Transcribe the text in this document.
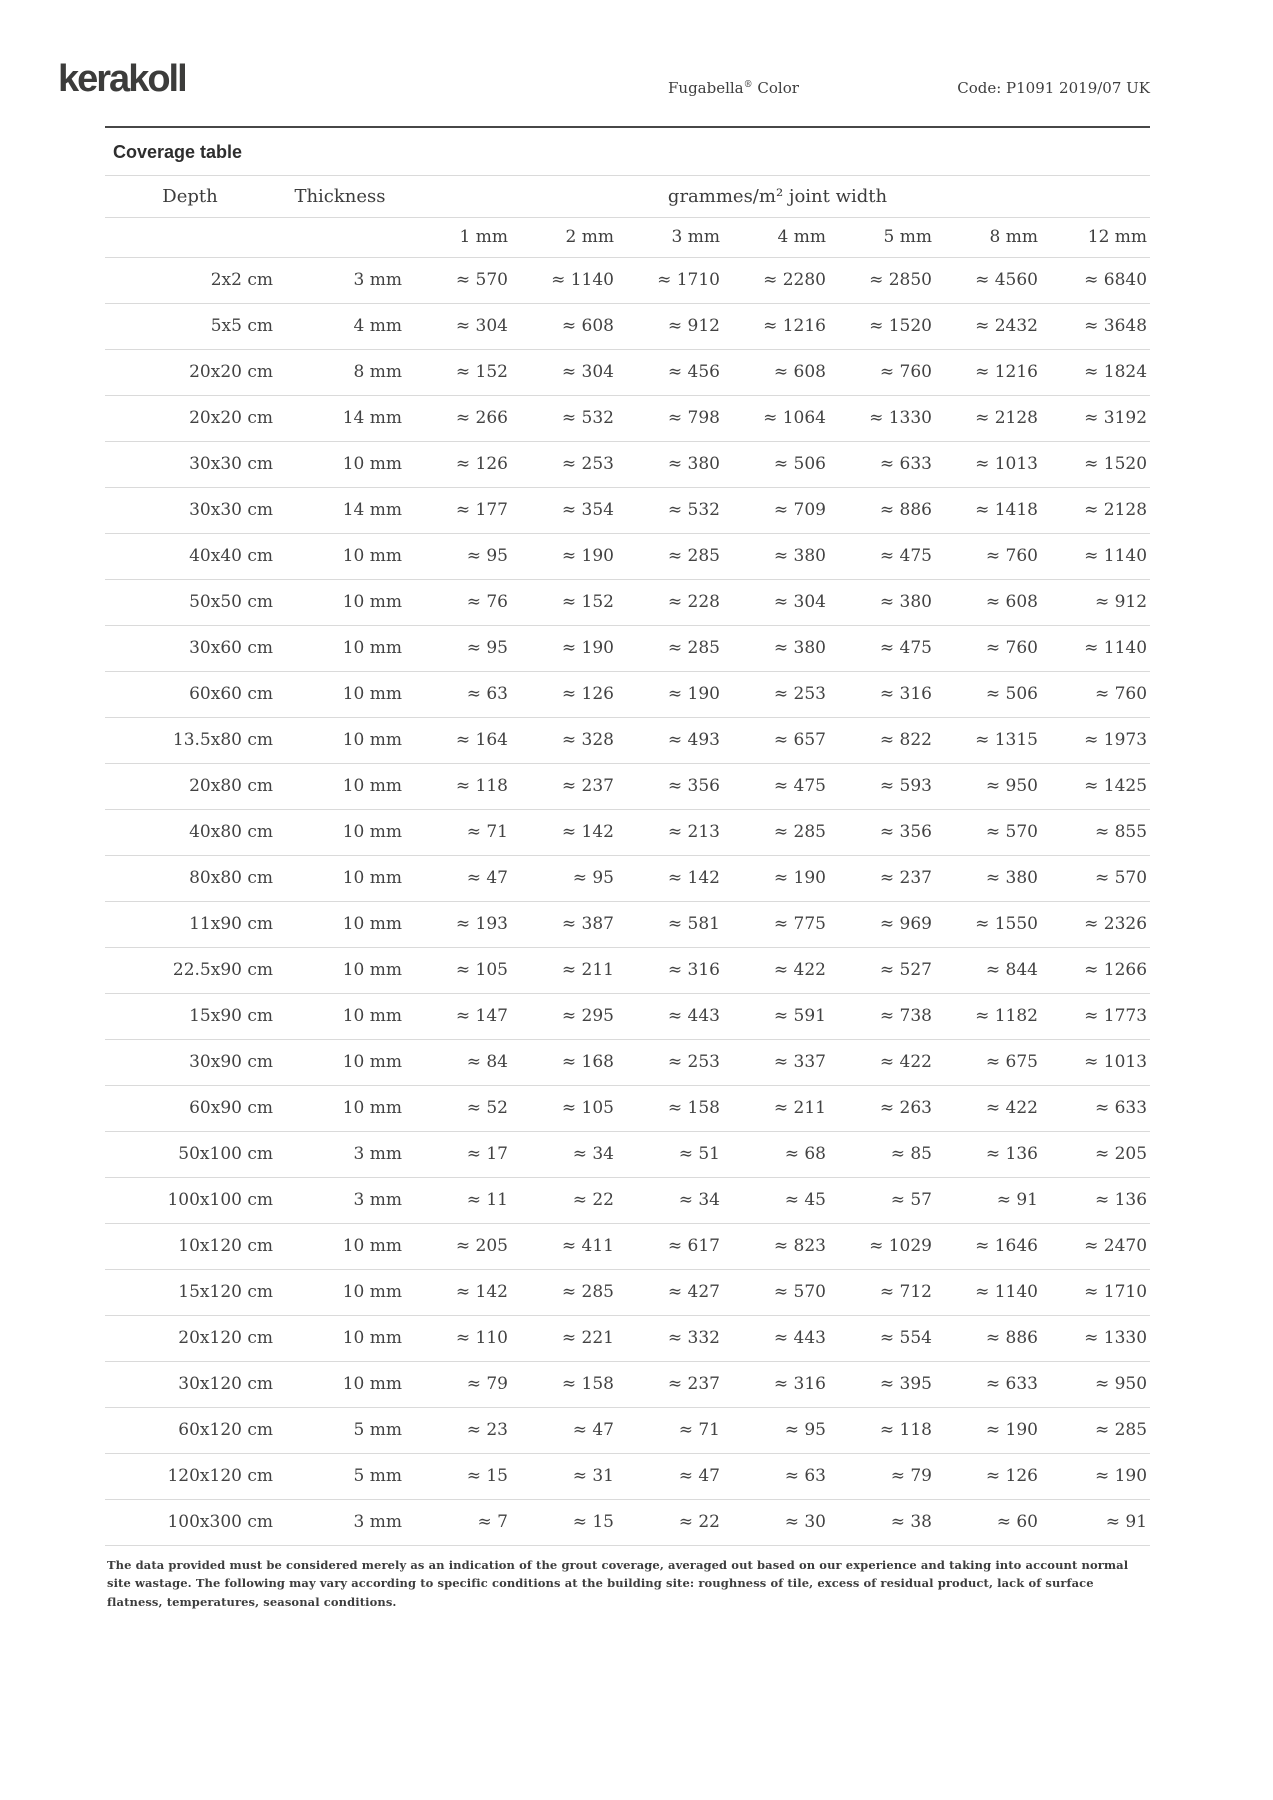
kerakoll	Fugabella® Color	Code: P1091 2019/07 UK
Coverage table
Depth	Thickness	grammes/m² joint width						
		1 mm	2 mm	3 mm	4 mm	5 mm	8 mm	12 mm
2x2 cm	3 mm	≈ 570	≈ 1140	≈ 1710	≈ 2280	≈ 2850	≈ 4560	≈ 6840
5x5 cm	4 mm	≈ 304	≈ 608	≈ 912	≈ 1216	≈ 1520	≈ 2432	≈ 3648
20x20 cm	8 mm	≈ 152	≈ 304	≈ 456	≈ 608	≈ 760	≈ 1216	≈ 1824
20x20 cm	14 mm	≈ 266	≈ 532	≈ 798	≈ 1064	≈ 1330	≈ 2128	≈ 3192
30x30 cm	10 mm	≈ 126	≈ 253	≈ 380	≈ 506	≈ 633	≈ 1013	≈ 1520
30x30 cm	14 mm	≈ 177	≈ 354	≈ 532	≈ 709	≈ 886	≈ 1418	≈ 2128
40x40 cm	10 mm	≈ 95	≈ 190	≈ 285	≈ 380	≈ 475	≈ 760	≈ 1140
50x50 cm	10 mm	≈ 76	≈ 152	≈ 228	≈ 304	≈ 380	≈ 608	≈ 912
30x60 cm	10 mm	≈ 95	≈ 190	≈ 285	≈ 380	≈ 475	≈ 760	≈ 1140
60x60 cm	10 mm	≈ 63	≈ 126	≈ 190	≈ 253	≈ 316	≈ 506	≈ 760
13.5x80 cm	10 mm	≈ 164	≈ 328	≈ 493	≈ 657	≈ 822	≈ 1315	≈ 1973
20x80 cm	10 mm	≈ 118	≈ 237	≈ 356	≈ 475	≈ 593	≈ 950	≈ 1425
40x80 cm	10 mm	≈ 71	≈ 142	≈ 213	≈ 285	≈ 356	≈ 570	≈ 855
80x80 cm	10 mm	≈ 47	≈ 95	≈ 142	≈ 190	≈ 237	≈ 380	≈ 570
11x90 cm	10 mm	≈ 193	≈ 387	≈ 581	≈ 775	≈ 969	≈ 1550	≈ 2326
22.5x90 cm	10 mm	≈ 105	≈ 211	≈ 316	≈ 422	≈ 527	≈ 844	≈ 1266
15x90 cm	10 mm	≈ 147	≈ 295	≈ 443	≈ 591	≈ 738	≈ 1182	≈ 1773
30x90 cm	10 mm	≈ 84	≈ 168	≈ 253	≈ 337	≈ 422	≈ 675	≈ 1013
60x90 cm	10 mm	≈ 52	≈ 105	≈ 158	≈ 211	≈ 263	≈ 422	≈ 633
50x100 cm	3 mm	≈ 17	≈ 34	≈ 51	≈ 68	≈ 85	≈ 136	≈ 205
100x100 cm	3 mm	≈ 11	≈ 22	≈ 34	≈ 45	≈ 57	≈ 91	≈ 136
10x120 cm	10 mm	≈ 205	≈ 411	≈ 617	≈ 823	≈ 1029	≈ 1646	≈ 2470
15x120 cm	10 mm	≈ 142	≈ 285	≈ 427	≈ 570	≈ 712	≈ 1140	≈ 1710
20x120 cm	10 mm	≈ 110	≈ 221	≈ 332	≈ 443	≈ 554	≈ 886	≈ 1330
30x120 cm	10 mm	≈ 79	≈ 158	≈ 237	≈ 316	≈ 395	≈ 633	≈ 950
60x120 cm	5 mm	≈ 23	≈ 47	≈ 71	≈ 95	≈ 118	≈ 190	≈ 285
120x120 cm	5 mm	≈ 15	≈ 31	≈ 47	≈ 63	≈ 79	≈ 126	≈ 190
100x300 cm	3 mm	≈ 7	≈ 15	≈ 22	≈ 30	≈ 38	≈ 60	≈ 91
The data provided must be considered merely as an indication of the grout coverage, averaged out based on our experience and taking into account normal site wastage. The following may vary according to specific conditions at the building site: roughness of tile, excess of residual product, lack of surface flatness, temperatures, seasonal conditions.
